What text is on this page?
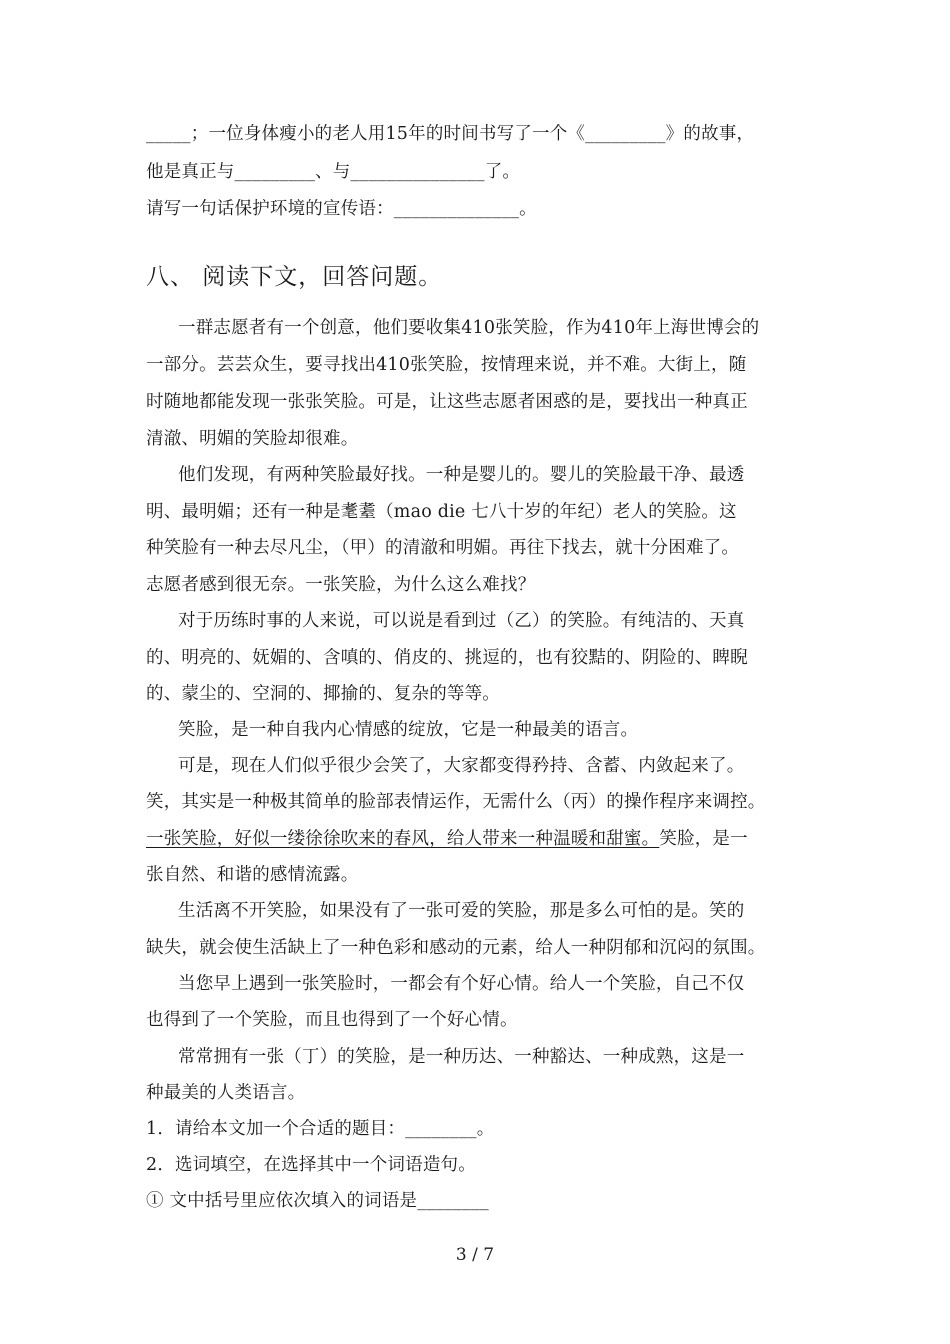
_____；一位身体瘦小的老人用15年的时间书写了一个《_________》的故事，
他是真正与_________、与_______________了。
请写一句话保护环境的宣传语：______________。
八、 阅读下文，回答问题。
一群志愿者有一个创意，他们要收集410张笑脸，作为410年上海世博会的
一部分。芸芸众生，要寻找出410张笑脸，按情理来说，并不难。大街上，随
时随地都能发现一张张笑脸。可是，让这些志愿者困惑的是，要找出一种真正
清澈、明媚的笑脸却很难。
他们发现，有两种笑脸最好找。一种是婴儿的。婴儿的笑脸最干净、最透
明、最明媚；还有一种是耄耋（mao die 七八十岁的年纪）老人的笑脸。这
种笑脸有一种去尽凡尘，（甲）的清澈和明媚。再往下找去，就十分困难了。
志愿者感到很无奈。一张笑脸，为什么这么难找？
对于历练时事的人来说，可以说是看到过（乙）的笑脸。有纯洁的、天真
的、明亮的、妩媚的、含嗔的、俏皮的、挑逗的，也有狡黠的、阴险的、睥睨
的、蒙尘的、空洞的、揶揄的、复杂的等等。
笑脸，是一种自我内心情感的绽放，它是一种最美的语言。
可是，现在人们似乎很少会笑了，大家都变得矜持、含蓄、内敛起来了。
笑，其实是一种极其简单的脸部表情运作，无需什么（丙）的操作程序来调控。
一张笑脸，好似一缕徐徐吹来的春风，给人带来一种温暖和甜蜜。笑脸，是一
张自然、和谐的感情流露。
生活离不开笑脸，如果没有了一张可爱的笑脸，那是多么可怕的是。笑的
缺失，就会使生活缺上了一种色彩和感动的元素，给人一种阴郁和沉闷的氛围。
当您早上遇到一张笑脸时，一都会有个好心情。给人一个笑脸，自己不仅
也得到了一个笑脸，而且也得到了一个好心情。
常常拥有一张（丁）的笑脸，是一种历达、一种豁达、一种成熟，这是一
种最美的人类语言。
1．请给本文加一个合适的题目：________。
2．选词填空，在选择其中一个词语造句。
① 文中括号里应依次填入的词语是________
3 / 7
